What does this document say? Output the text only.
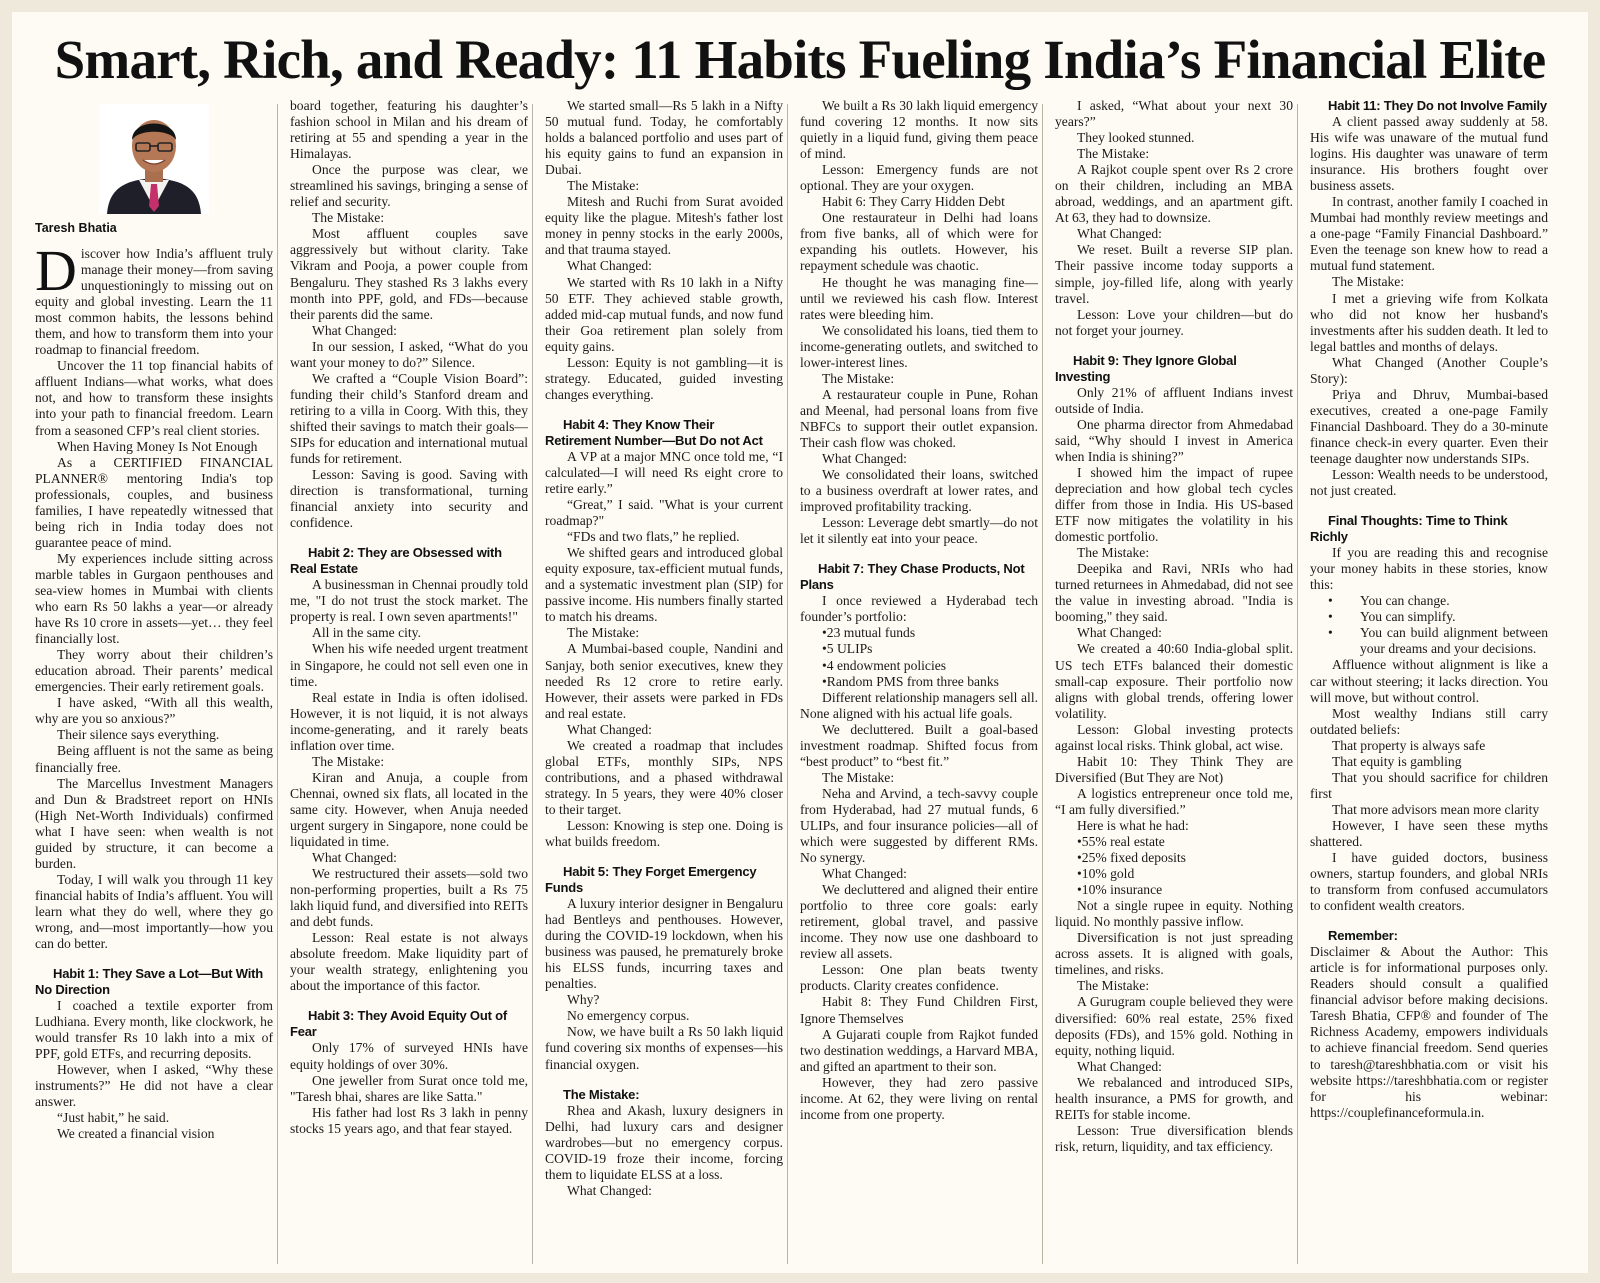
Smart, Rich, and Ready: 11 Habits Fueling India’s Financial Elite
Taresh Bhatia

Discover how India’s affluent truly manage their money—from saving unquestioningly to missing out on equity and global investing. Learn the 11 most common habits, the lessons behind them, and how to transform them into your roadmap to financial freedom.

Uncover the 11 top financial habits of affluent Indians—what works, what does not, and how to transform these insights into your path to financial freedom. Learn from a seasoned CFP’s real client stories.

When Having Money Is Not Enough

As a CERTIFIED FINANCIAL PLANNER® mentoring India's top professionals, couples, and business families, I have repeatedly witnessed that being rich in India today does not guarantee peace of mind.

My experiences include sitting across marble tables in Gurgaon penthouses and sea-view homes in Mumbai with clients who earn Rs 50 lakhs a year—or already have Rs 10 crore in assets—yet… they feel financially lost.

They worry about their children’s education abroad. Their parents’ medical emergencies. Their early retirement goals.

I have asked, “With all this wealth, why are you so anxious?”

Their silence says everything.

Being affluent is not the same as being financially free.

The Marcellus Investment Managers and Dun & Bradstreet report on HNIs (High Net-Worth Individuals) confirmed what I have seen: when wealth is not guided by structure, it can become a burden.

Today, I will walk you through 11 key financial habits of India’s affluent. You will learn what they do well, where they go wrong, and—most importantly—how you can do better.

Habit 1: They Save a Lot—But With No Direction

I coached a textile exporter from Ludhiana. Every month, like clockwork, he would transfer Rs 10 lakh into a mix of PPF, gold ETFs, and recurring deposits.

However, when I asked, “Why these instruments?” He did not have a clear answer.

“Just habit,” he said.

We created a financial vision

board together, featuring his daughter’s fashion school in Milan and his dream of retiring at 55 and spending a year in the Himalayas.

Once the purpose was clear, we streamlined his savings, bringing a sense of relief and security.

The Mistake:

Most affluent couples save aggressively but without clarity. Take Vikram and Pooja, a power couple from Bengaluru. They stashed Rs 3 lakhs every month into PPF, gold, and FDs—because their parents did the same.

What Changed:

In our session, I asked, “What do you want your money to do?” Silence.

We crafted a “Couple Vision Board”: funding their child’s Stanford dream and retiring to a villa in Coorg. With this, they shifted their savings to match their goals—SIPs for education and international mutual funds for retirement.

Lesson: Saving is good. Saving with direction is transformational, turning financial anxiety into security and confidence.

Habit 2: They are Obsessed with Real Estate

A businessman in Chennai proudly told me, "I do not trust the stock market. The property is real. I own seven apartments!"

All in the same city.

When his wife needed urgent treatment in Singapore, he could not sell even one in time.

Real estate in India is often idolised. However, it is not liquid, it is not always income-generating, and it rarely beats inflation over time.

The Mistake:

Kiran and Anuja, a couple from Chennai, owned six flats, all located in the same city. However, when Anuja needed urgent surgery in Singapore, none could be liquidated in time.

What Changed:

We restructured their assets—sold two non-performing properties, built a Rs 75 lakh liquid fund, and diversified into REITs and debt funds.

Lesson: Real estate is not always absolute freedom. Make liquidity part of your wealth strategy, enlightening you about the importance of this factor.

Habit 3: They Avoid Equity Out of Fear

Only 17% of surveyed HNIs have equity holdings of over 30%.

One jeweller from Surat once told me, "Taresh bhai, shares are like Satta."

His father had lost Rs 3 lakh in penny stocks 15 years ago, and that fear stayed.

We started small—Rs 5 lakh in a Nifty 50 mutual fund. Today, he comfortably holds a balanced portfolio and uses part of his equity gains to fund an expansion in Dubai.

The Mistake:

Mitesh and Ruchi from Surat avoided equity like the plague. Mitesh's father lost money in penny stocks in the early 2000s, and that trauma stayed.

What Changed:

We started with Rs 10 lakh in a Nifty 50 ETF. They achieved stable growth, added mid-cap mutual funds, and now fund their Goa retirement plan solely from equity gains.

Lesson: Equity is not gambling—it is strategy. Educated, guided investing changes everything.

Habit 4: They Know Their Retirement Number—But Do not Act

A VP at a major MNC once told me, “I calculated—I will need Rs eight crore to retire early.”

“Great,” I said. "What is your current roadmap?"

“FDs and two flats,” he replied.

We shifted gears and introduced global equity exposure, tax-efficient mutual funds, and a systematic investment plan (SIP) for passive income. His numbers finally started to match his dreams.

The Mistake:

A Mumbai-based couple, Nandini and Sanjay, both senior executives, knew they needed Rs 12 crore to retire early. However, their assets were parked in FDs and real estate.

What Changed:

We created a roadmap that includes global ETFs, monthly SIPs, NPS contributions, and a phased withdrawal strategy. In 5 years, they were 40% closer to their target.

Lesson: Knowing is step one. Doing is what builds freedom.

Habit 5: They Forget Emergency Funds

A luxury interior designer in Bengaluru had Bentleys and penthouses. However, during the COVID-19 lockdown, when his business was paused, he prematurely broke his ELSS funds, incurring taxes and penalties.

Why?

No emergency corpus.

Now, we have built a Rs 50 lakh liquid fund covering six months of expenses—his financial oxygen.

The Mistake:

Rhea and Akash, luxury designers in Delhi, had luxury cars and designer wardrobes—but no emergency corpus. COVID-19 froze their income, forcing them to liquidate ELSS at a loss.

What Changed:

We built a Rs 30 lakh liquid emergency fund covering 12 months. It now sits quietly in a liquid fund, giving them peace of mind.

Lesson: Emergency funds are not optional. They are your oxygen.

Habit 6: They Carry Hidden Debt

One restaurateur in Delhi had loans from five banks, all of which were for expanding his outlets. However, his repayment schedule was chaotic.

He thought he was managing fine—until we reviewed his cash flow. Interest rates were bleeding him.

We consolidated his loans, tied them to income-generating outlets, and switched to lower-interest lines.

The Mistake:

A restaurateur couple in Pune, Rohan and Meenal, had personal loans from five NBFCs to support their outlet expansion. Their cash flow was choked.

What Changed:

We consolidated their loans, switched to a business overdraft at lower rates, and improved profitability tracking.

Lesson: Leverage debt smartly—do not let it silently eat into your peace.

Habit 7: They Chase Products, Not Plans

I once reviewed a Hyderabad tech founder’s portfolio:

• 23 mutual funds
• 5 ULIPs
• 4 endowment policies
• Random PMS from three banks

Different relationship managers sell all. None aligned with his actual life goals.

We decluttered. Built a goal-based investment roadmap. Shifted focus from “best product” to “best fit.”

The Mistake:

Neha and Arvind, a tech-savvy couple from Hyderabad, had 27 mutual funds, 6 ULIPs, and four insurance policies—all of which were suggested by different RMs. No synergy.

What Changed:

We decluttered and aligned their entire portfolio to three core goals: early retirement, global travel, and passive income. They now use one dashboard to review all assets.

Lesson: One plan beats twenty products. Clarity creates confidence.

Habit 8: They Fund Children First, Ignore Themselves

A Gujarati couple from Rajkot funded two destination weddings, a Harvard MBA, and gifted an apartment to their son.

However, they had zero passive income. At 62, they were living on rental income from one property.

I asked, “What about your next 30 years?”

They looked stunned.

The Mistake:

A Rajkot couple spent over Rs 2 crore on their children, including an MBA abroad, weddings, and an apartment gift. At 63, they had to downsize.

What Changed:

We reset. Built a reverse SIP plan. Their passive income today supports a simple, joy-filled life, along with yearly travel.

Lesson: Love your children—but do not forget your journey.

Habit 9: They Ignore Global Investing

Only 21% of affluent Indians invest outside of India.

One pharma director from Ahmedabad said, “Why should I invest in America when India is shining?”

I showed him the impact of rupee depreciation and how global tech cycles differ from those in India. His US-based ETF now mitigates the volatility in his domestic portfolio.

The Mistake:

Deepika and Ravi, NRIs who had turned returnees in Ahmedabad, did not see the value in investing abroad. "India is booming," they said.

What Changed:

We created a 40:60 India-global split. US tech ETFs balanced their domestic small-cap exposure. Their portfolio now aligns with global trends, offering lower volatility.

Lesson: Global investing protects against local risks. Think global, act wise.

Habit 10: They Think They are Diversified (But They are Not)

A logistics entrepreneur once told me, “I am fully diversified.”

Here is what he had:

• 55% real estate
• 25% fixed deposits
• 10% gold
• 10% insurance

Not a single rupee in equity. Nothing liquid. No monthly passive inflow.

Diversification is not just spreading across assets. It is aligned with goals, timelines, and risks.

The Mistake:

A Gurugram couple believed they were diversified: 60% real estate, 25% fixed deposits (FDs), and 15% gold. Nothing in equity, nothing liquid.

What Changed:

We rebalanced and introduced SIPs, health insurance, a PMS for growth, and REITs for stable income.

Lesson: True diversification blends risk, return, liquidity, and tax efficiency.

Habit 11: They Do not Involve Family

A client passed away suddenly at 58. His wife was unaware of the mutual fund logins. His daughter was unaware of term insurance. His brothers fought over business assets.

In contrast, another family I coached in Mumbai had monthly review meetings and a one-page “Family Financial Dashboard.” Even the teenage son knew how to read a mutual fund statement.

The Mistake:

I met a grieving wife from Kolkata who did not know her husband's investments after his sudden death. It led to legal battles and months of delays.

What Changed (Another Couple’s Story):

Priya and Dhruv, Mumbai-based executives, created a one-page Family Financial Dashboard. They do a 30-minute finance check-in every quarter. Even their teenage daughter now understands SIPs.

Lesson: Wealth needs to be understood, not just created.

Final Thoughts: Time to Think Richly

If you are reading this and recognise your money habits in these stories, know this:

• You can change.
• You can simplify.
• You can build alignment between your dreams and your decisions.

Affluence without alignment is like a car without steering; it lacks direction. You will move, but without control.

Most wealthy Indians still carry outdated beliefs:

That property is always safe

That equity is gambling

That you should sacrifice for children first

That more advisors mean more clarity

However, I have seen these myths shattered.

I have guided doctors, business owners, startup founders, and global NRIs to transform from confused accumulators to confident wealth creators.

Remember:

Disclaimer & About the Author: This article is for informational purposes only. Readers should consult a qualified financial advisor before making decisions. Taresh Bhatia, CFP® and founder of The Richness Academy, empowers individuals to achieve financial freedom. Send queries to taresh@tareshbhatia.com or visit his website https://tareshbhatia.com or register for his webinar: https://couplefinanceformula.in.
